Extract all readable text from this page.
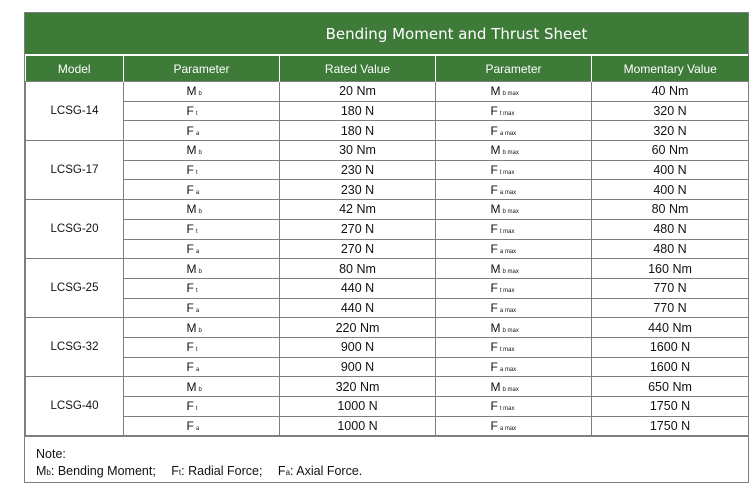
Bending Moment and Thrust Sheet
Model	Parameter	Rated Value	Parameter	Momentary Value
LCSG-14	M b	20 Nm	M b max	40 Nm
	F t	180 N	F t max	320 N
	F a	180 N	F a max	320 N
LCSG-17	M b	30 Nm	M b max	60 Nm
	F t	230 N	F t max	400 N
	F a	230 N	F a max	400 N
LCSG-20	M b	42 Nm	M b max	80 Nm
	F t	270 N	F t max	480 N
	F a	270 N	F a max	480 N
LCSG-25	M b	80 Nm	M b max	160 Nm
	F t	440 N	F t max	770 N
	F a	440 N	F a max	770 N
LCSG-32	M b	220 Nm	M b max	440 Nm
	F t	900 N	F t max	1600 N
	F a	900 N	F a max	1600 N
LCSG-40	M b	320 Nm	M b max	650 Nm
	F t	1000 N	F t max	1750 N
	F a	1000 N	F a max	1750 N
Note:
Mb: Bending Moment; Ft: Radial Force; Fa: Axial Force.
